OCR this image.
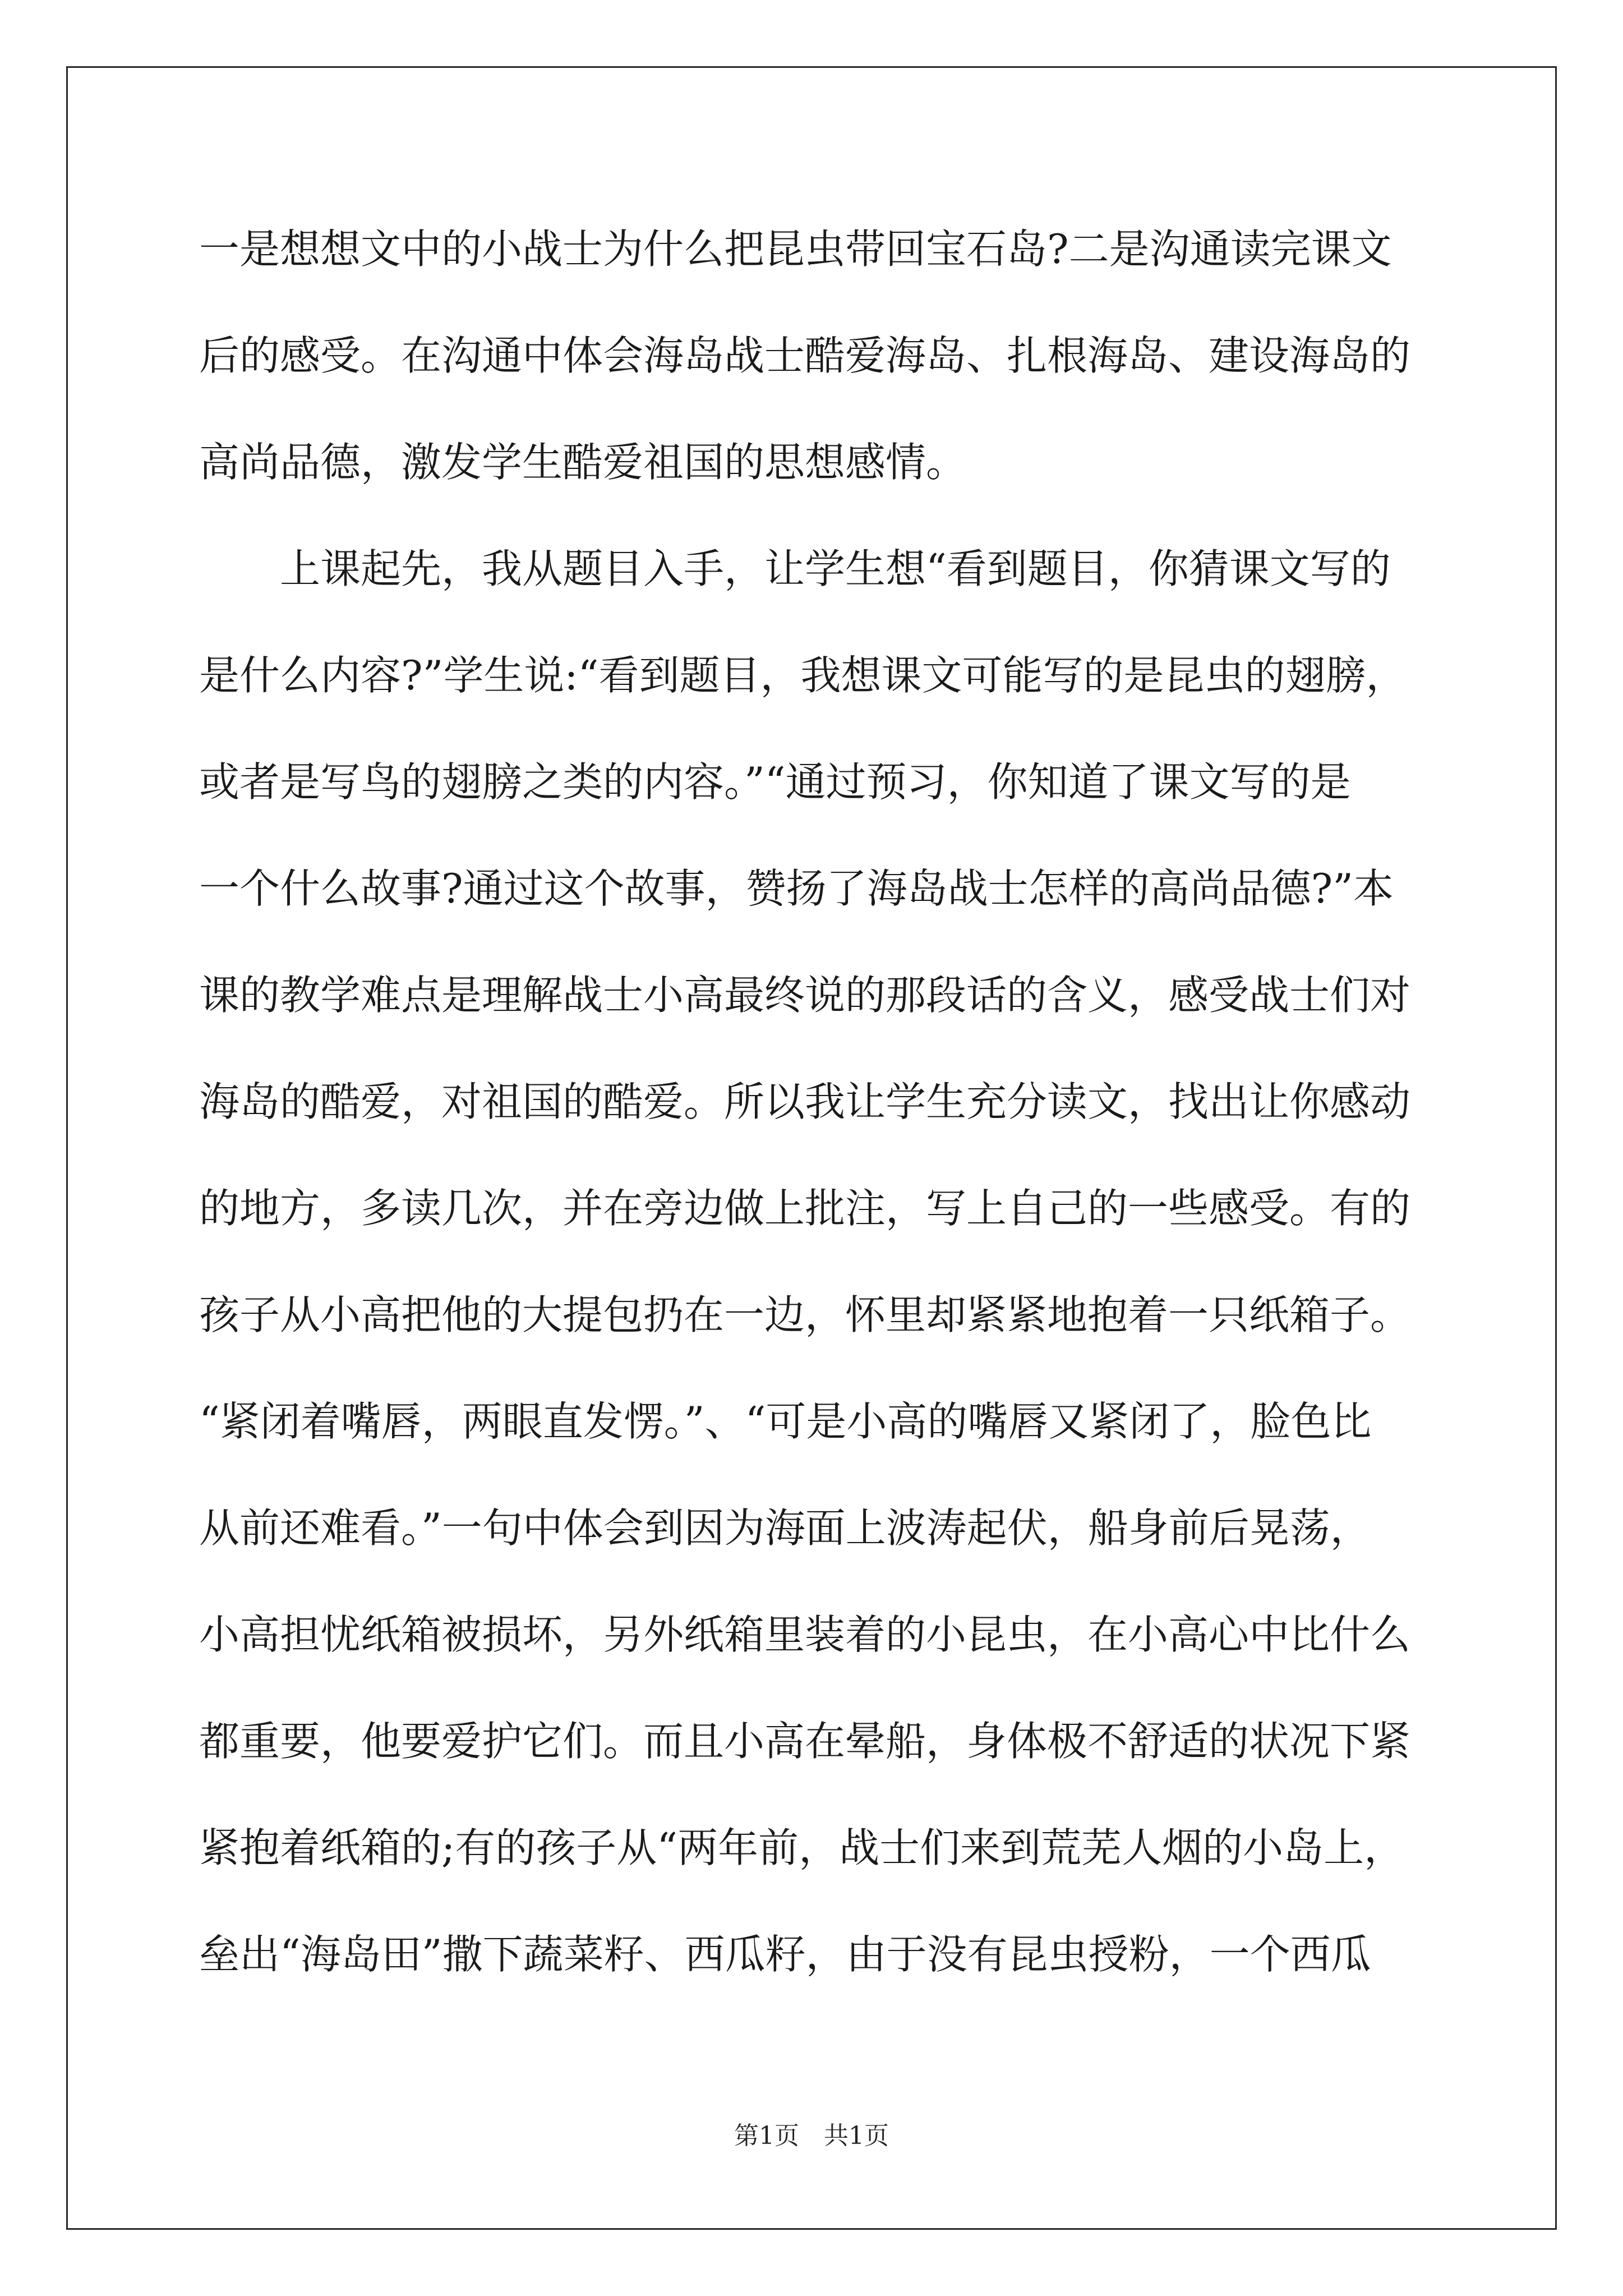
一是想想文中的小战士为什么把昆虫带回宝石岛?二是沟通读完课文
后的感受。在沟通中体会海岛战士酷爱海岛、扎根海岛、建设海岛的
高尚品德，激发学生酷爱祖国的思想感情。
　　上课起先，我从题目入手，让学生想“看到题目，你猜课文写的
是什么内容?”学生说:“看到题目，我想课文可能写的是昆虫的翅膀，
或者是写鸟的翅膀之类的内容。”“通过预习，你知道了课文写的是
一个什么故事?通过这个故事，赞扬了海岛战士怎样的高尚品德?”本
课的教学难点是理解战士小高最终说的那段话的含义，感受战士们对
海岛的酷爱，对祖国的酷爱。所以我让学生充分读文，找出让你感动
的地方，多读几次，并在旁边做上批注，写上自己的一些感受。有的
孩子从小高把他的大提包扔在一边，怀里却紧紧地抱着一只纸箱子。
“紧闭着嘴唇，两眼直发愣。”、“可是小高的嘴唇又紧闭了，脸色比
从前还难看。”一句中体会到因为海面上波涛起伏，船身前后晃荡，
小高担忧纸箱被损坏，另外纸箱里装着的小昆虫，在小高心中比什么
都重要，他要爱护它们。而且小高在晕船，身体极不舒适的状况下紧
紧抱着纸箱的;有的孩子从“两年前，战士们来到荒芜人烟的小岛上，
垒出“海岛田”撒下蔬菜籽、西瓜籽，由于没有昆虫授粉，一个西瓜
第1页　共1页
